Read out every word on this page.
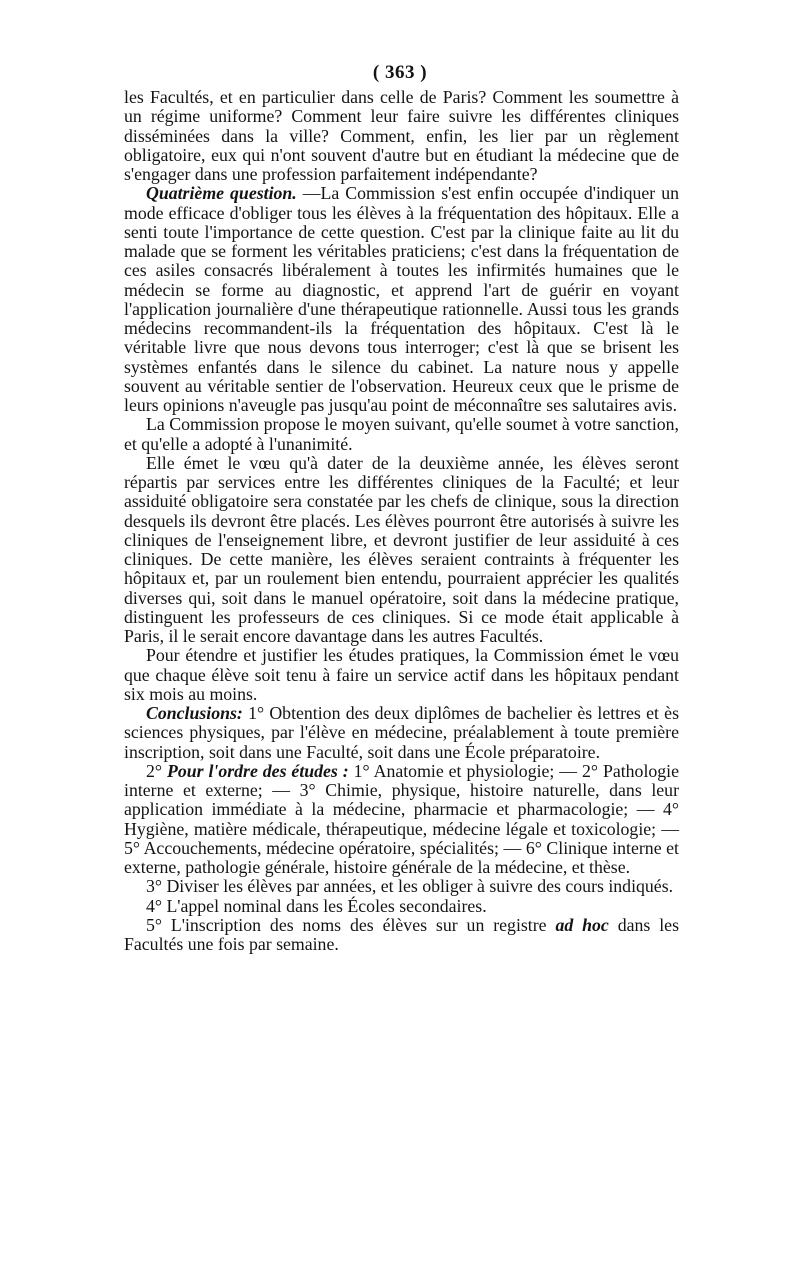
( 363 )

les Facultés, et en particulier dans celle de Paris? Comment les soumettre à un régime uniforme? Comment leur faire suivre les différentes cliniques disséminées dans la ville? Comment, enfin, les lier par un règlement obligatoire, eux qui n'ont souvent d'autre but en étudiant la médecine que de s'engager dans une profession parfaitement indépendante?

Quatrième question. —La Commission s'est enfin occupée d'indiquer un mode efficace d'obliger tous les élèves à la fréquentation des hôpitaux. Elle a senti toute l'importance de cette question. C'est par la clinique faite au lit du malade que se forment les véritables praticiens; c'est dans la fréquentation de ces asiles consacrés libéralement à toutes les infirmités humaines que le médecin se forme au diagnostic, et apprend l'art de guérir en voyant l'application journalière d'une thérapeutique rationnelle. Aussi tous les grands médecins recommandent-ils la fréquentation des hôpitaux. C'est là le véritable livre que nous devons tous interroger; c'est là que se brisent les systèmes enfantés dans le silence du cabinet. La nature nous y appelle souvent au véritable sentier de l'observation. Heureux ceux que le prisme de leurs opinions n'aveugle pas jusqu'au point de méconnaître ses salutaires avis.

La Commission propose le moyen suivant, qu'elle soumet à votre sanction, et qu'elle a adopté à l'unanimité.

Elle émet le vœu qu'à dater de la deuxième année, les élèves seront répartis par services entre les différentes cliniques de la Faculté; et leur assiduité obligatoire sera constatée par les chefs de clinique, sous la direction desquels ils devront être placés. Les élèves pourront être autorisés à suivre les cliniques de l'enseignement libre, et devront justifier de leur assiduité à ces cliniques. De cette manière, les élèves seraient contraints à fréquenter les hôpitaux et, par un roulement bien entendu, pourraient apprécier les qualités diverses qui, soit dans le manuel opératoire, soit dans la médecine pratique, distinguent les professeurs de ces cliniques. Si ce mode était applicable à Paris, il le serait encore davantage dans les autres Facultés.

Pour étendre et justifier les études pratiques, la Commission émet le vœu que chaque élève soit tenu à faire un service actif dans les hôpitaux pendant six mois au moins.

Conclusions: 1° Obtention des deux diplômes de bachelier ès lettres et ès sciences physiques, par l'élève en médecine, préalablement à toute première inscription, soit dans une Faculté, soit dans une École préparatoire.

2° Pour l'ordre des études : 1° Anatomie et physiologie; — 2° Pathologie interne et externe; — 3° Chimie, physique, histoire naturelle, dans leur application immédiate à la médecine, pharmacie et pharmacologie; — 4° Hygiène, matière médicale, thérapeutique, médecine légale et toxicologie; — 5° Accouchements, médecine opératoire, spécialités; — 6° Clinique interne et externe, pathologie générale, histoire générale de la médecine, et thèse.

3° Diviser les élèves par années, et les obliger à suivre des cours indiqués.

4° L'appel nominal dans les Écoles secondaires.

5° L'inscription des noms des élèves sur un registre ad hoc dans les Facultés une fois par semaine.
